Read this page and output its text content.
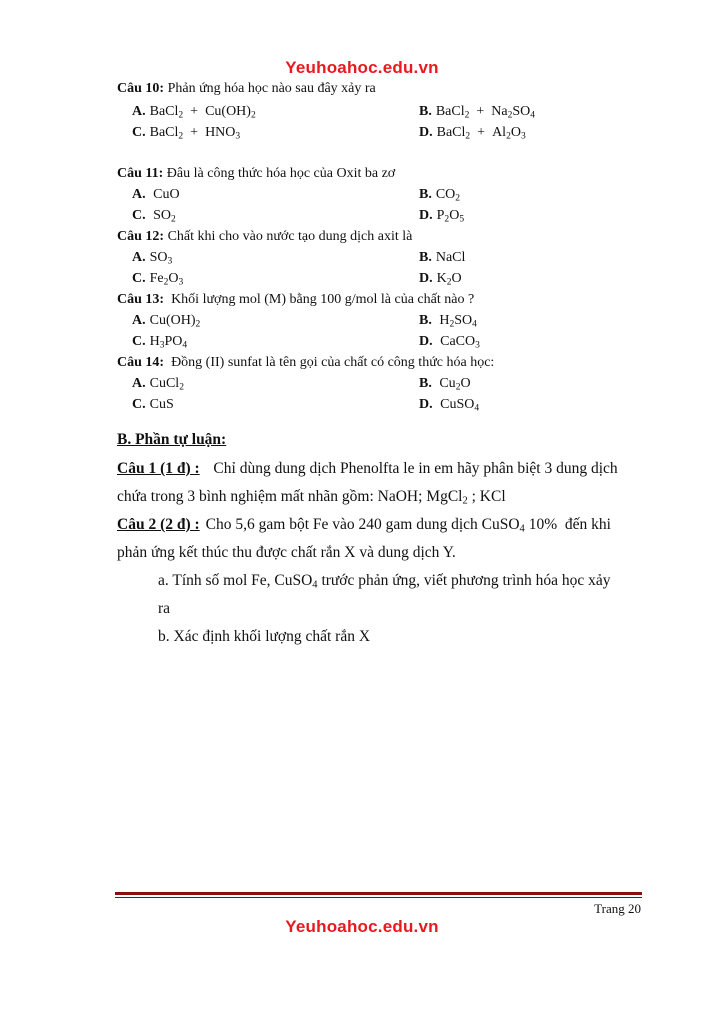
Yeuhoahoc.edu.vn
Câu 10: Phản ứng hóa học nào sau đây xảy ra
A. BaCl$_2$  +  $Cu(OH)_2$	B. BaCl$_2$  +  $Na_2SO_4$
C. BaCl$_2$  +  $HNO_3$	D. BaCl$_2$  +  $Al_2O_3$
Câu 11: Đâu là công thức hóa học của Oxit ba zơ
A. CuO	B. $CO_2$
C. $SO_2$	D. $P_2O_5$
Câu 12: Chất khi cho vào nước tạo dung dịch axit là
A. $SO_3$	B. NaCl
C. $Fe_2O_3$	D. $K_2O$
Câu 13:  Khối lượng mol (M) bằng 100 g/mol là của chất nào ?
A. $Cu(OH)_2$	B. $H_2SO_4$
C. $H_3PO_4$	D. CaCO$_3$
Câu 14:  Đồng (II) sunfat là tên gọi của chất có công thức hóa học:
A. CuCl$_2$	B. $Cu_2O$
C. CuS	D. CuSO$_4$
B. Phần tự luận:
Câu 1 (1 đ) :  Chỉ dùng dung dịch Phenolfta le in em hãy phân biệt 3 dung dịch
chứa trong 3 bình nghiệm mất nhãn gồm: NaOH; MgCl$_2$ ; KCl
Câu 2 (2 đ) : Cho 5,6 gam bột Fe vào 240 gam dung dịch CuSO$_4$ 10%  đến khi
phản ứng kết thúc thu được chất rắn X và dung dịch Y.
a. Tính số mol Fe, CuSO$_4$ trước phản ứng, viết phương trình hóa học xảy
ra
b. Xác định khối lượng chất rắn X
Trang 20
Yeuhoahoc.edu.vn
